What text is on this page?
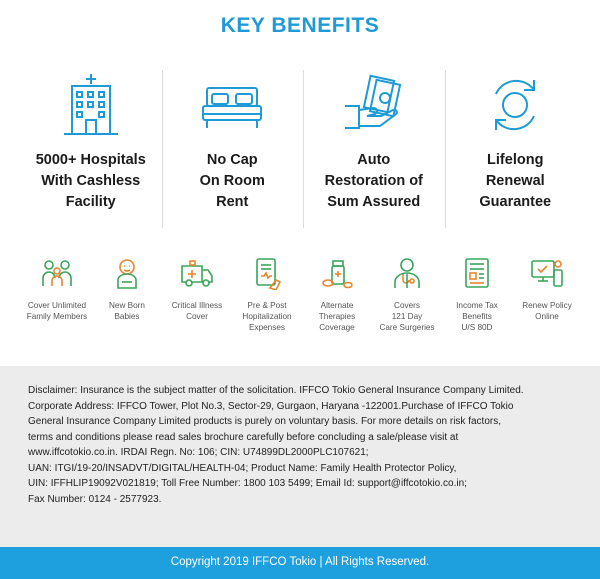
KEY BENEFITS
5000+ Hospitals
With Cashless
Facility
No Cap
On Room
Rent
Auto
Restoration of
Sum Assured
Lifelong
Renewal
Guarantee
Cover Unlimited
Family Members
New Born
Babies
Critical Illness
Cover
Pre & Post
Hopitalization
Expenses
Alternate
Therapies
Coverage
Covers
121 Day
Care Surgeries
Income Tax
Benefits
U/S 80D
Renew Policy
Online
Disclaimer: Insurance is the subject matter of the solicitation. IFFCO Tokio General Insurance Company Limited.
Corporate Address: IFFCO Tower, Plot No.3, Sector-29, Gurgaon, Haryana -122001.Purchase of IFFCO Tokio
General Insurance Company Limited products is purely on voluntary basis. For more details on risk factors,
terms and conditions please read sales brochure carefully before concluding a sale/please visit at
www.iffcotokio.co.in. IRDAI Regn. No: 106; CIN: U74899DL2000PLC107621;
UAN: ITGI/19-20/INSADVT/DIGITAL/HEALTH-04; Product Name: Family Health Protector Policy,
UIN: IFFHLIP19092V021819; Toll Free Number: 1800 103 5499; Email Id: support@iffcotokio.co.in;
Fax Number: 0124 - 2577923.
Copyright 2019 IFFCO Tokio | All Rights Reserved.
